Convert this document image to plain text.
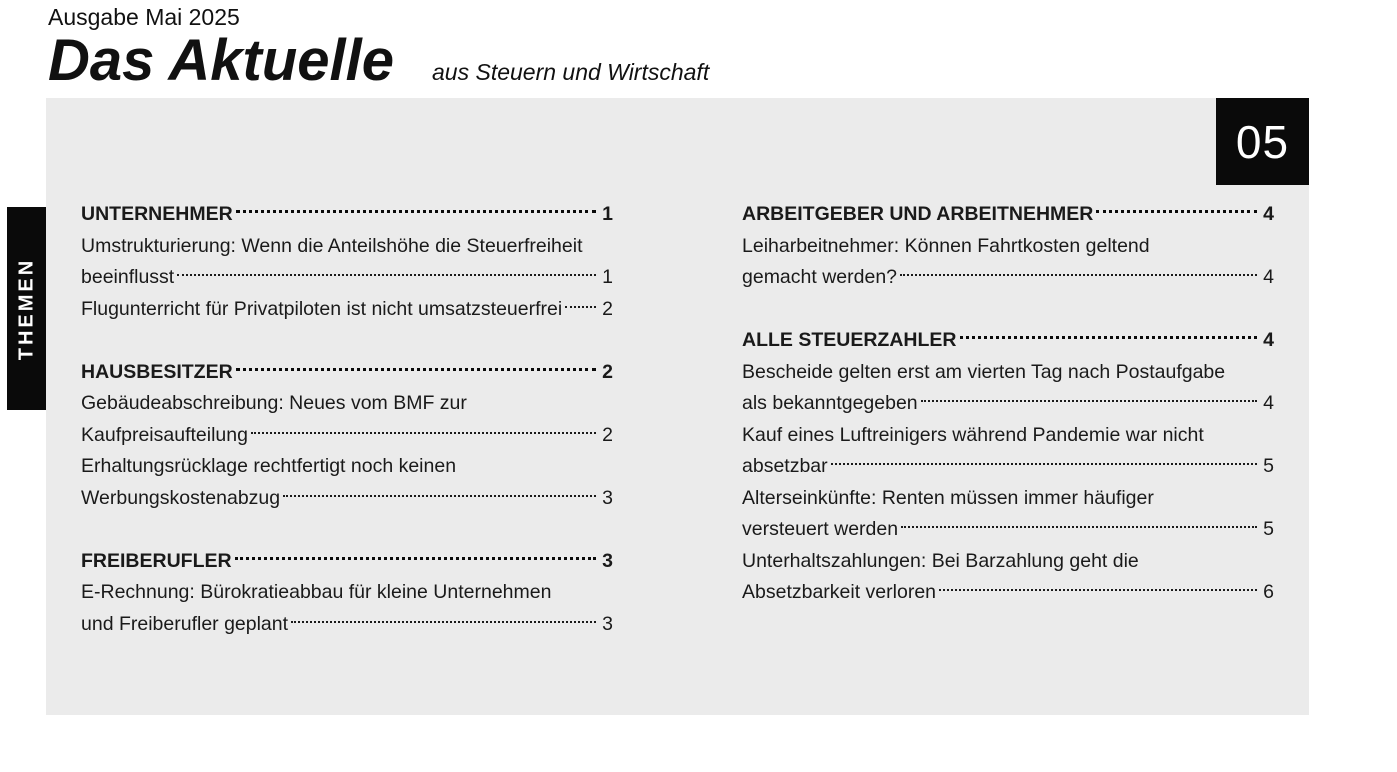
Ausgabe Mai 2025
Das Aktuelle aus Steuern und Wirtschaft
05
UNTERNEHMER	1
Umstrukturierung: Wenn die Anteilshöhe die Steuerfreiheit
beeinflusst	1
Flugunterricht für Privatpiloten ist nicht umsatzsteuerfrei 2
HAUSBESITZER	2
Gebäudeabschreibung: Neues vom BMF zur
Kaufpreisaufteilung	2
Erhaltungsrücklage rechtfertigt noch keinen
Werbungskostenabzug	3
FREIBERUFLER	3
E-Rechnung: Bürokratieabbau für kleine Unternehmen
und Freiberufler geplant	3
ARBEITGEBER UND ARBEITNEHMER	4
Leiharbeitnehmer: Können Fahrtkosten geltend
gemacht werden?	4
ALLE STEUERZAHLER	4
Bescheide gelten erst am vierten Tag nach Postaufgabe
als bekanntgegeben	4
Kauf eines Luftreinigers während Pandemie war nicht
absetzbar	5
Alterseinkünfte: Renten müssen immer häufiger
versteuert werden	5
Unterhaltszahlungen: Bei Barzahlung geht die
Absetzbarkeit verloren	6
THEMEN
